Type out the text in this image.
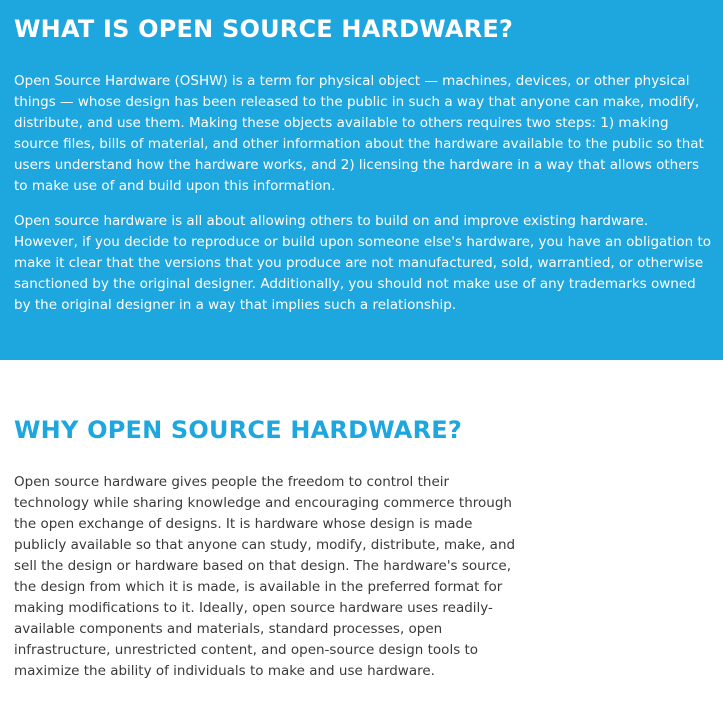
WHAT IS OPEN SOURCE HARDWARE?

Open Source Hardware (OSHW) is a term for physical object — machines, devices, or other physical things — whose design has been released to the public in such a way that anyone can make, modify, distribute, and use them. Making these objects available to others requires two steps: 1) making source files, bills of material, and other information about the hardware available to the public so that users understand how the hardware works, and 2) licensing the hardware in a way that allows others to make use of and build upon this information.

Open source hardware is all about allowing others to build on and improve existing hardware. However, if you decide to reproduce or build upon someone else's hardware, you have an obligation to make it clear that the versions that you produce are not manufactured, sold, warrantied, or otherwise sanctioned by the original designer. Additionally, you should not make use of any trademarks owned by the original designer in a way that implies such a relationship.

WHY OPEN SOURCE HARDWARE?

Open source hardware gives people the freedom to control their technology while sharing knowledge and encouraging commerce through the open exchange of designs. It is hardware whose design is made publicly available so that anyone can study, modify, distribute, make, and sell the design or hardware based on that design. The hardware's source, the design from which it is made, is available in the preferred format for making modifications to it. Ideally, open source hardware uses readily-available components and materials, standard processes, open infrastructure, unrestricted content, and open-source design tools to maximize the ability of individuals to make and use hardware.
